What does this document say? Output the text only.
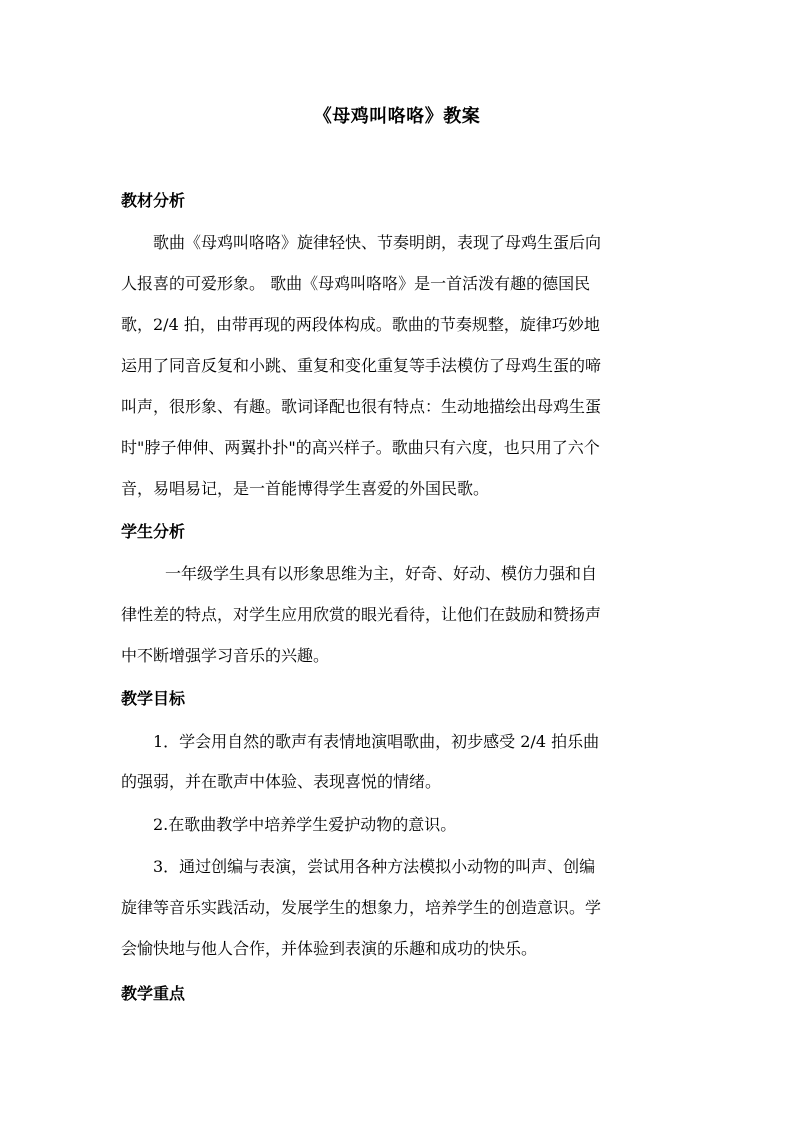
《母鸡叫咯咯》教案
教材分析
歌曲《母鸡叫咯咯》旋律轻快、节奏明朗，表现了母鸡生蛋后向
人报喜的可爱形象。 歌曲《母鸡叫咯咯》是一首活泼有趣的德国民
歌，2/4 拍，由带再现的两段体构成。歌曲的节奏规整，旋律巧妙地
运用了同音反复和小跳、重复和变化重复等手法模仿了母鸡生蛋的啼
叫声，很形象、有趣。歌词译配也很有特点：生动地描绘出母鸡生蛋
时"脖子伸伸、两翼扑扑"的高兴样子。歌曲只有六度，也只用了六个
音，易唱易记，是一首能博得学生喜爱的外国民歌。
学生分析
一年级学生具有以形象思维为主，好奇、好动、模仿力强和自
律性差的特点，对学生应用欣赏的眼光看待，让他们在鼓励和赞扬声
中不断增强学习音乐的兴趣。
教学目标
1．学会用自然的歌声有表情地演唱歌曲，初步感受 2/4 拍乐曲
的强弱，并在歌声中体验、表现喜悦的情绪。
2.在歌曲教学中培养学生爱护动物的意识。
3．通过创编与表演，尝试用各种方法模拟小动物的叫声、创编
旋律等音乐实践活动，发展学生的想象力，培养学生的创造意识。学
会愉快地与他人合作，并体验到表演的乐趣和成功的快乐。
教学重点
